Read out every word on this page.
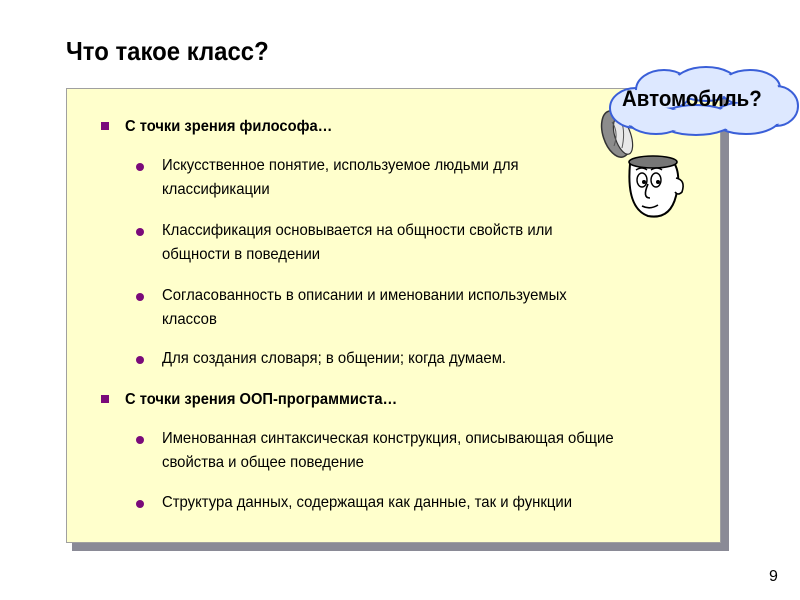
Что такое класс?
С точки зрения философа…
Искусственное понятие, используемое людьми для
классификации
Классификация основывается на общности свойств или
общности в поведении
Согласованность в описании и именовании используемых
классов
Для создания словаря; в общении; когда думаем.
С точки зрения ООП-программиста…
Именованная синтаксическая конструкция, описывающая общие
свойства и общее поведение
Структура данных, содержащая как данные, так и функции
Автомобиль?
9
